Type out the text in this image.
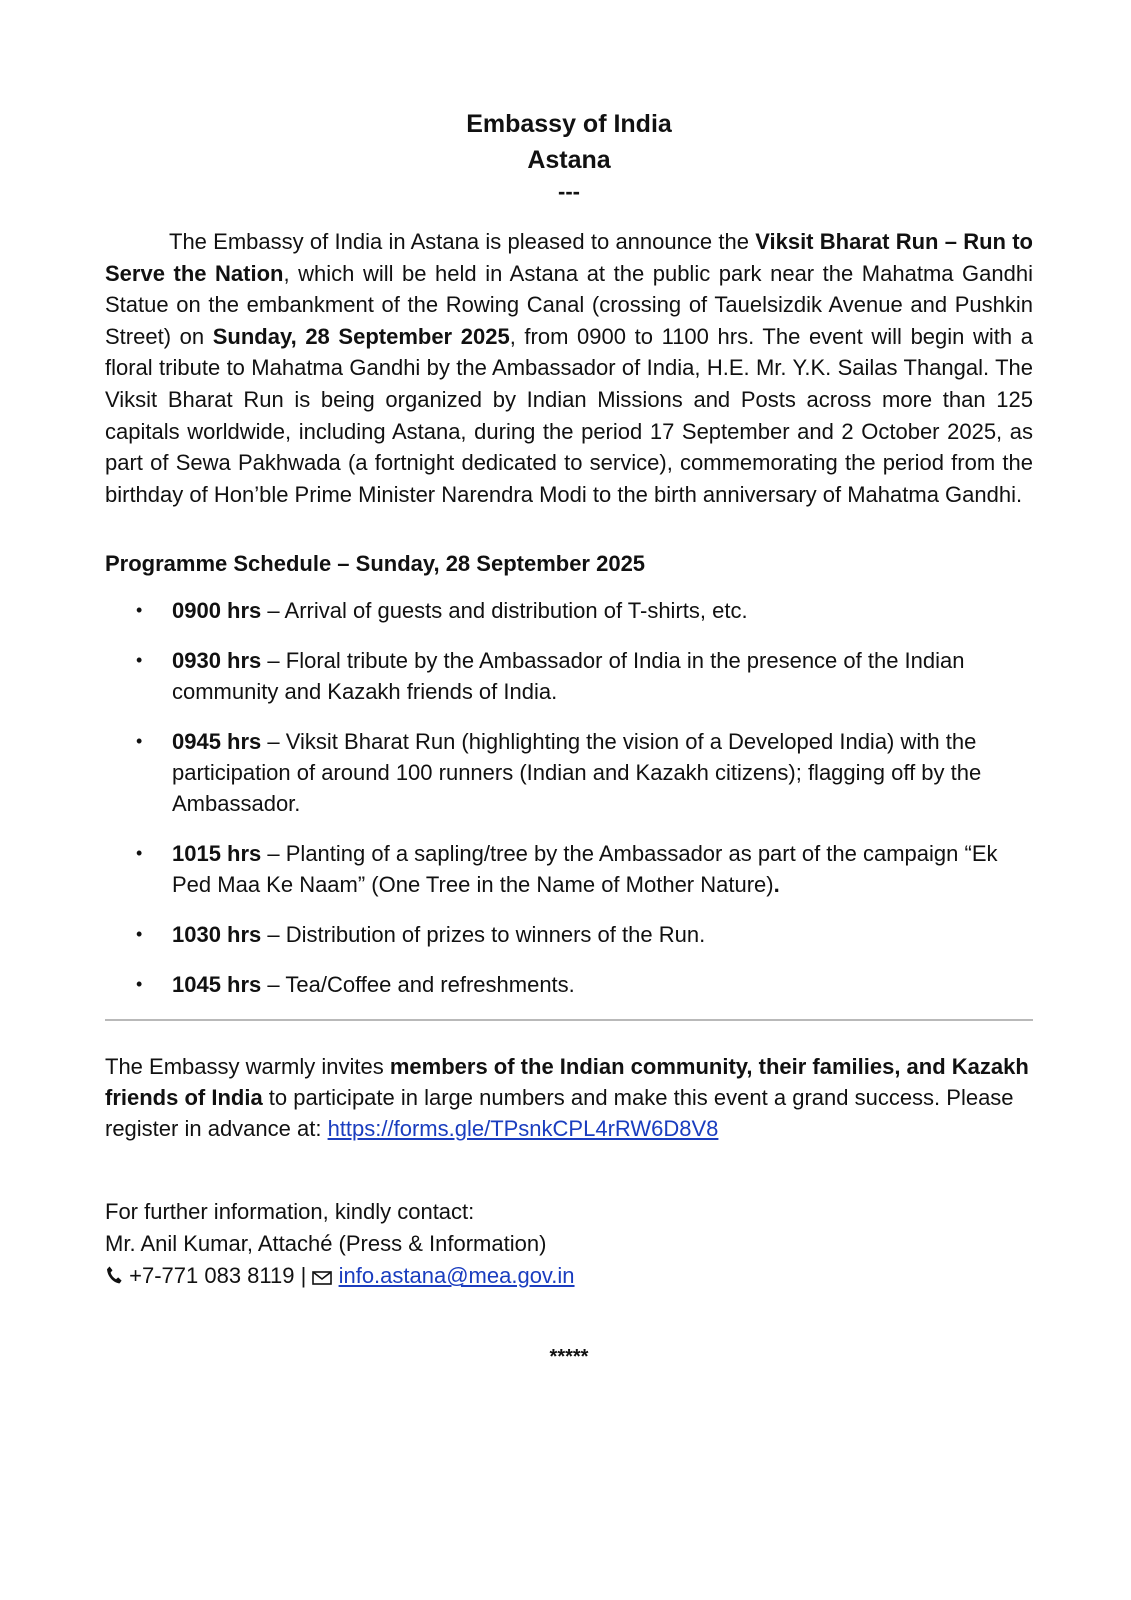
Embassy of India
Astana
---

The Embassy of India in Astana is pleased to announce the Viksit Bharat Run – Run to Serve the Nation, which will be held in Astana at the public park near the Mahatma Gandhi Statue on the embankment of the Rowing Canal (crossing of Tauelsizdik Avenue and Pushkin Street) on Sunday, 28 September 2025, from 0900 to 1100 hrs. The event will begin with a floral tribute to Mahatma Gandhi by the Ambassador of India, H.E. Mr. Y.K. Sailas Thangal. The Viksit Bharat Run is being organized by Indian Missions and Posts across more than 125 capitals worldwide, including Astana, during the period 17 September and 2 October 2025, as part of Sewa Pakhwada (a fortnight dedicated to service), commemorating the period from the birthday of Hon’ble Prime Minister Narendra Modi to the birth anniversary of Mahatma Gandhi.

Programme Schedule – Sunday, 28 September 2025
• 0900 hrs – Arrival of guests and distribution of T-shirts, etc.
• 0930 hrs – Floral tribute by the Ambassador of India in the presence of the Indian community and Kazakh friends of India.
• 0945 hrs – Viksit Bharat Run (highlighting the vision of a Developed India) with the participation of around 100 runners (Indian and Kazakh citizens); flagging off by the Ambassador.
• 1015 hrs – Planting of a sapling/tree by the Ambassador as part of the campaign “Ek Ped Maa Ke Naam” (One Tree in the Name of Mother Nature).
• 1030 hrs – Distribution of prizes to winners of the Run.
• 1045 hrs – Tea/Coffee and refreshments.
The Embassy warmly invites members of the Indian community, their families, and Kazakh friends of India to participate in large numbers and make this event a grand success. Please register in advance at: https://forms.gle/TPsnkCPL4rRW6D8V8
For further information, kindly contact:
Mr. Anil Kumar, Attaché (Press & Information)
+7-771 083 8119 | info.astana@mea.gov.in
*****
